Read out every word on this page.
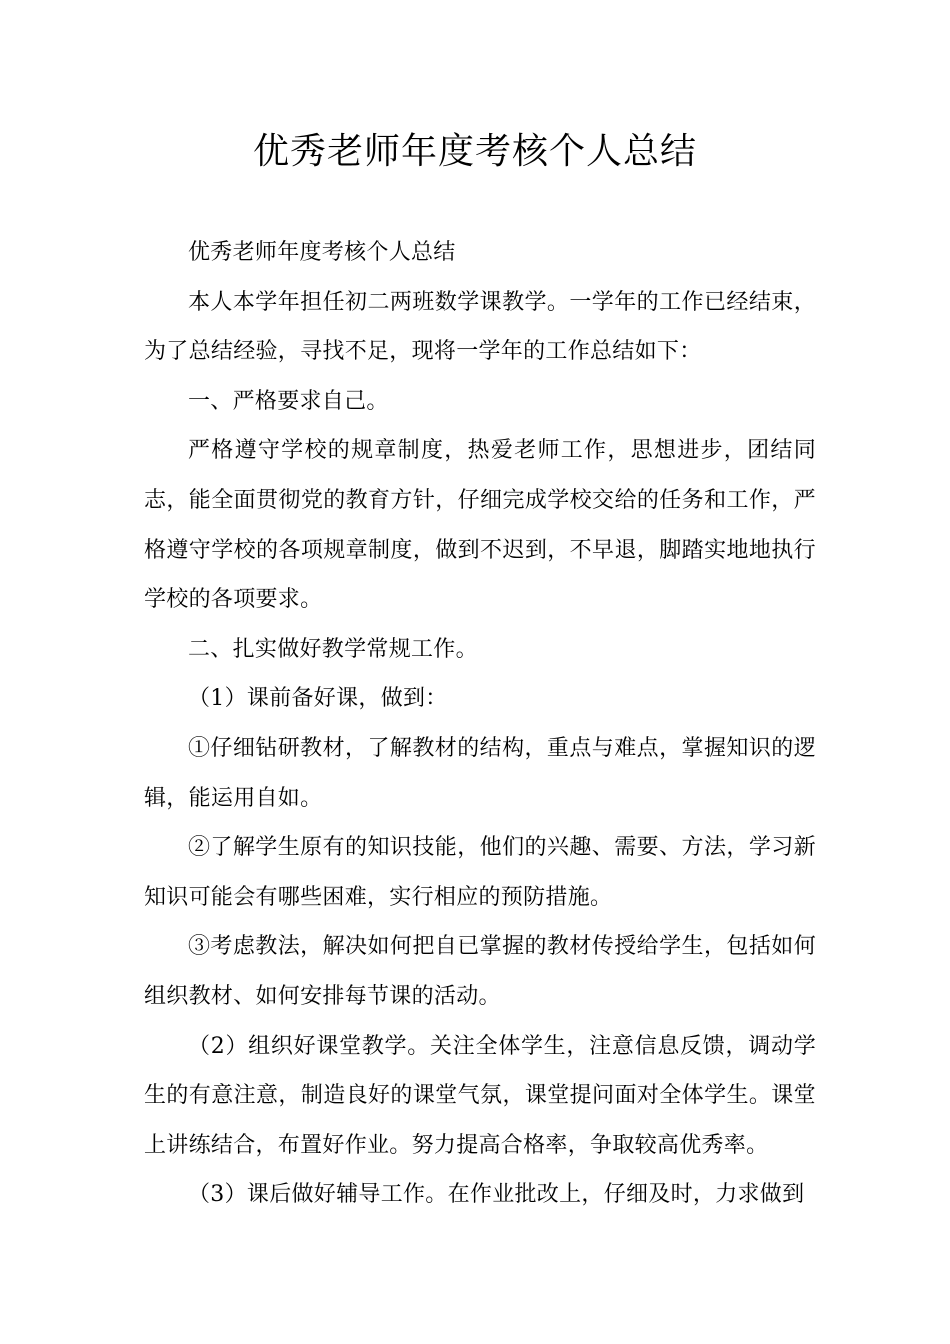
优秀老师年度考核个人总结

优秀老师年度考核个人总结

本人本学年担任初二两班数学课教学。一学年的工作已经结束，为了总结经验，寻找不足，现将一学年的工作总结如下：

一、严格要求自己。

严格遵守学校的规章制度，热爱老师工作，思想进步，团结同志，能全面贯彻党的教育方针，仔细完成学校交给的任务和工作，严格遵守学校的各项规章制度，做到不迟到，不早退，脚踏实地地执行学校的各项要求。

二、扎实做好教学常规工作。

（1）课前备好课，做到：

①仔细钻研教材，了解教材的结构，重点与难点，掌握知识的逻辑，能运用自如。

②了解学生原有的知识技能，他们的兴趣、需要、方法，学习新知识可能会有哪些困难，实行相应的预防措施。

③考虑教法，解决如何把自已掌握的教材传授给学生，包括如何组织教材、如何安排每节课的活动。

（2）组织好课堂教学。关注全体学生，注意信息反馈，调动学生的有意注意，制造良好的课堂气氛，课堂提问面对全体学生。课堂上讲练结合，布置好作业。努力提高合格率，争取较高优秀率。

（3）课后做好辅导工作。在作业批改上，仔细及时，力求做到
